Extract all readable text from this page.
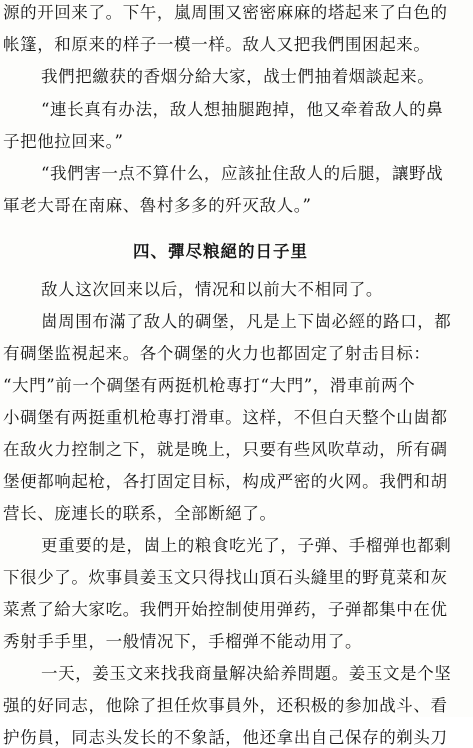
源的开回来了。下午，嵐周围又密密麻麻的塔起来了白色的
帐篷，和原来的样子一模一样。敌人又把我們围困起来。
我們把繳获的香烟分給大家，战士們抽着烟談起来。
“連长真有办法，敌人想抽腿跑掉，他又牵着敌人的鼻
子把他拉回来。”
“我們害一点不算什么，应該扯住敌人的后腿，讓野战
軍老大哥在南麻、魯村多多的歼灭敌人。”
四、彈尽粮絕的日子里
敌人这次回来以后，情况和以前大不相同了。
崮周围布滿了敌人的碉堡，凡是上下崮必經的路口，都
有碉堡监視起来。各个碉堡的火力也都固定了射击目标：
“大門”前一个碉堡有两挺机枪專打“大門”，滑車前两个
小碉堡有两挺重机枪專打滑車。这样，不但白天整个山崮都
在敌火力控制之下，就是晚上，只要有些风吹草动，所有碉
堡便都响起枪，各打固定目标，构成严密的火网。我們和胡
营长、庞連长的联系，全部断絕了。
更重要的是，崮上的粮食吃光了，子弹、手榴弹也都剩
下很少了。炊事員姜玉文只得找山頂石头縫里的野莧菜和灰
菜煮了給大家吃。我們开始控制使用弹药，子弹都集中在优
秀射手手里，一般情况下，手榴弹不能动用了。
一天，姜玉文来找我商量解决給养問題。姜玉文是个坚
强的好同志，他除了担任炊事員外，还积极的参加战斗、看
护伤員，同志头发长的不象話，他还拿出自己保存的剃头刀
